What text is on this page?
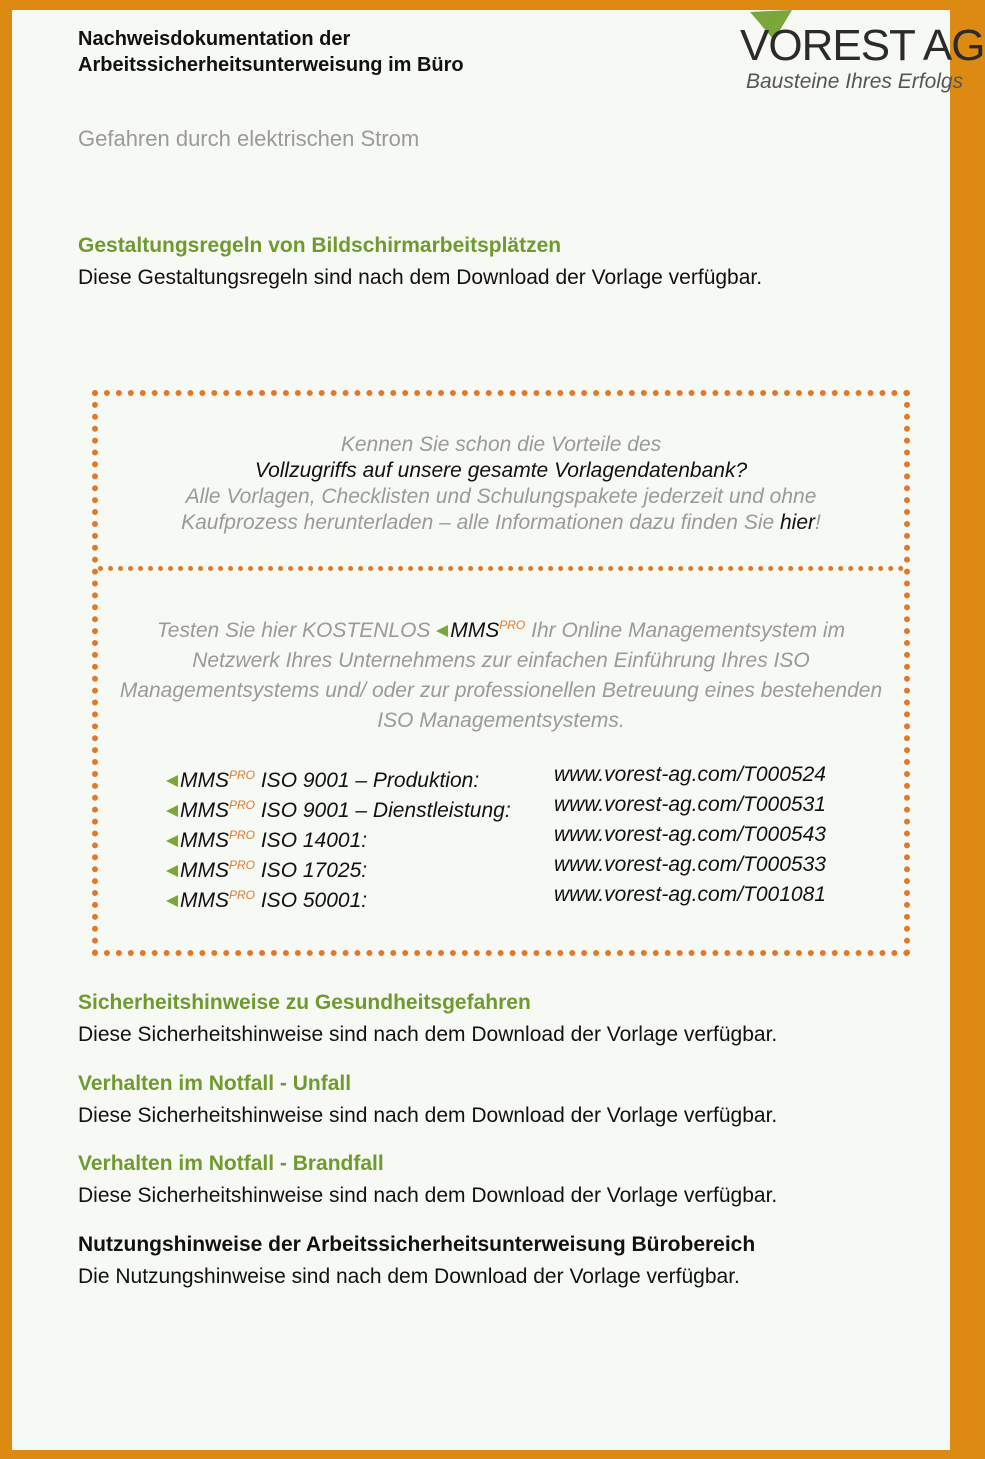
Nachweisdokumentation der
Arbeitssicherheitsunterweisung im Büro	VOREST AG
Bausteine Ihres Erfolgs

Gefahren durch elektrischen Strom

Gestaltungsregeln von Bildschirmarbeitsplätzen

Diese Gestaltungsregeln sind nach dem Download der Vorlage verfügbar.

Kennen Sie schon die Vorteile des
Vollzugriffs auf unsere gesamte Vorlagendatenbank?
Alle Vorlagen, Checklisten und Schulungspakete jederzeit und ohne
Kaufprozess herunterladen – alle Informationen dazu finden Sie hier!
Testen Sie hier KOSTENLOS $MMS^{PRO}$ Ihr Online Managementsystem im Netzwerk Ihres Unternehmens zur einfachen Einführung Ihres ISO Managementsystems und/ oder zur professionellen Betreuung eines bestehenden ISO Managementsystems.
$MMS^{PRO}$ ISO 9001 – Produktion:	www.vorest-ag.com/T000524
$MMS^{PRO}$ ISO 9001 – Dienstleistung: www.vorest-ag.com/T000531
$MMS^{PRO}$ ISO 14001:	www.vorest-ag.com/T000543
$MMS^{PRO}$ ISO 17025:	www.vorest-ag.com/T000533
$MMS^{PRO}$ ISO 50001:	www.vorest-ag.com/T001081
Sicherheitshinweise zu Gesundheitsgefahren

Diese Sicherheitshinweise sind nach dem Download der Vorlage verfügbar.

Verhalten im Notfall - Unfall

Diese Sicherheitshinweise sind nach dem Download der Vorlage verfügbar.

Verhalten im Notfall - Brandfall

Diese Sicherheitshinweise sind nach dem Download der Vorlage verfügbar.

Nutzungshinweise der Arbeitssicherheitsunterweisung Bürobereich

Die Nutzungshinweise sind nach dem Download der Vorlage verfügbar.
